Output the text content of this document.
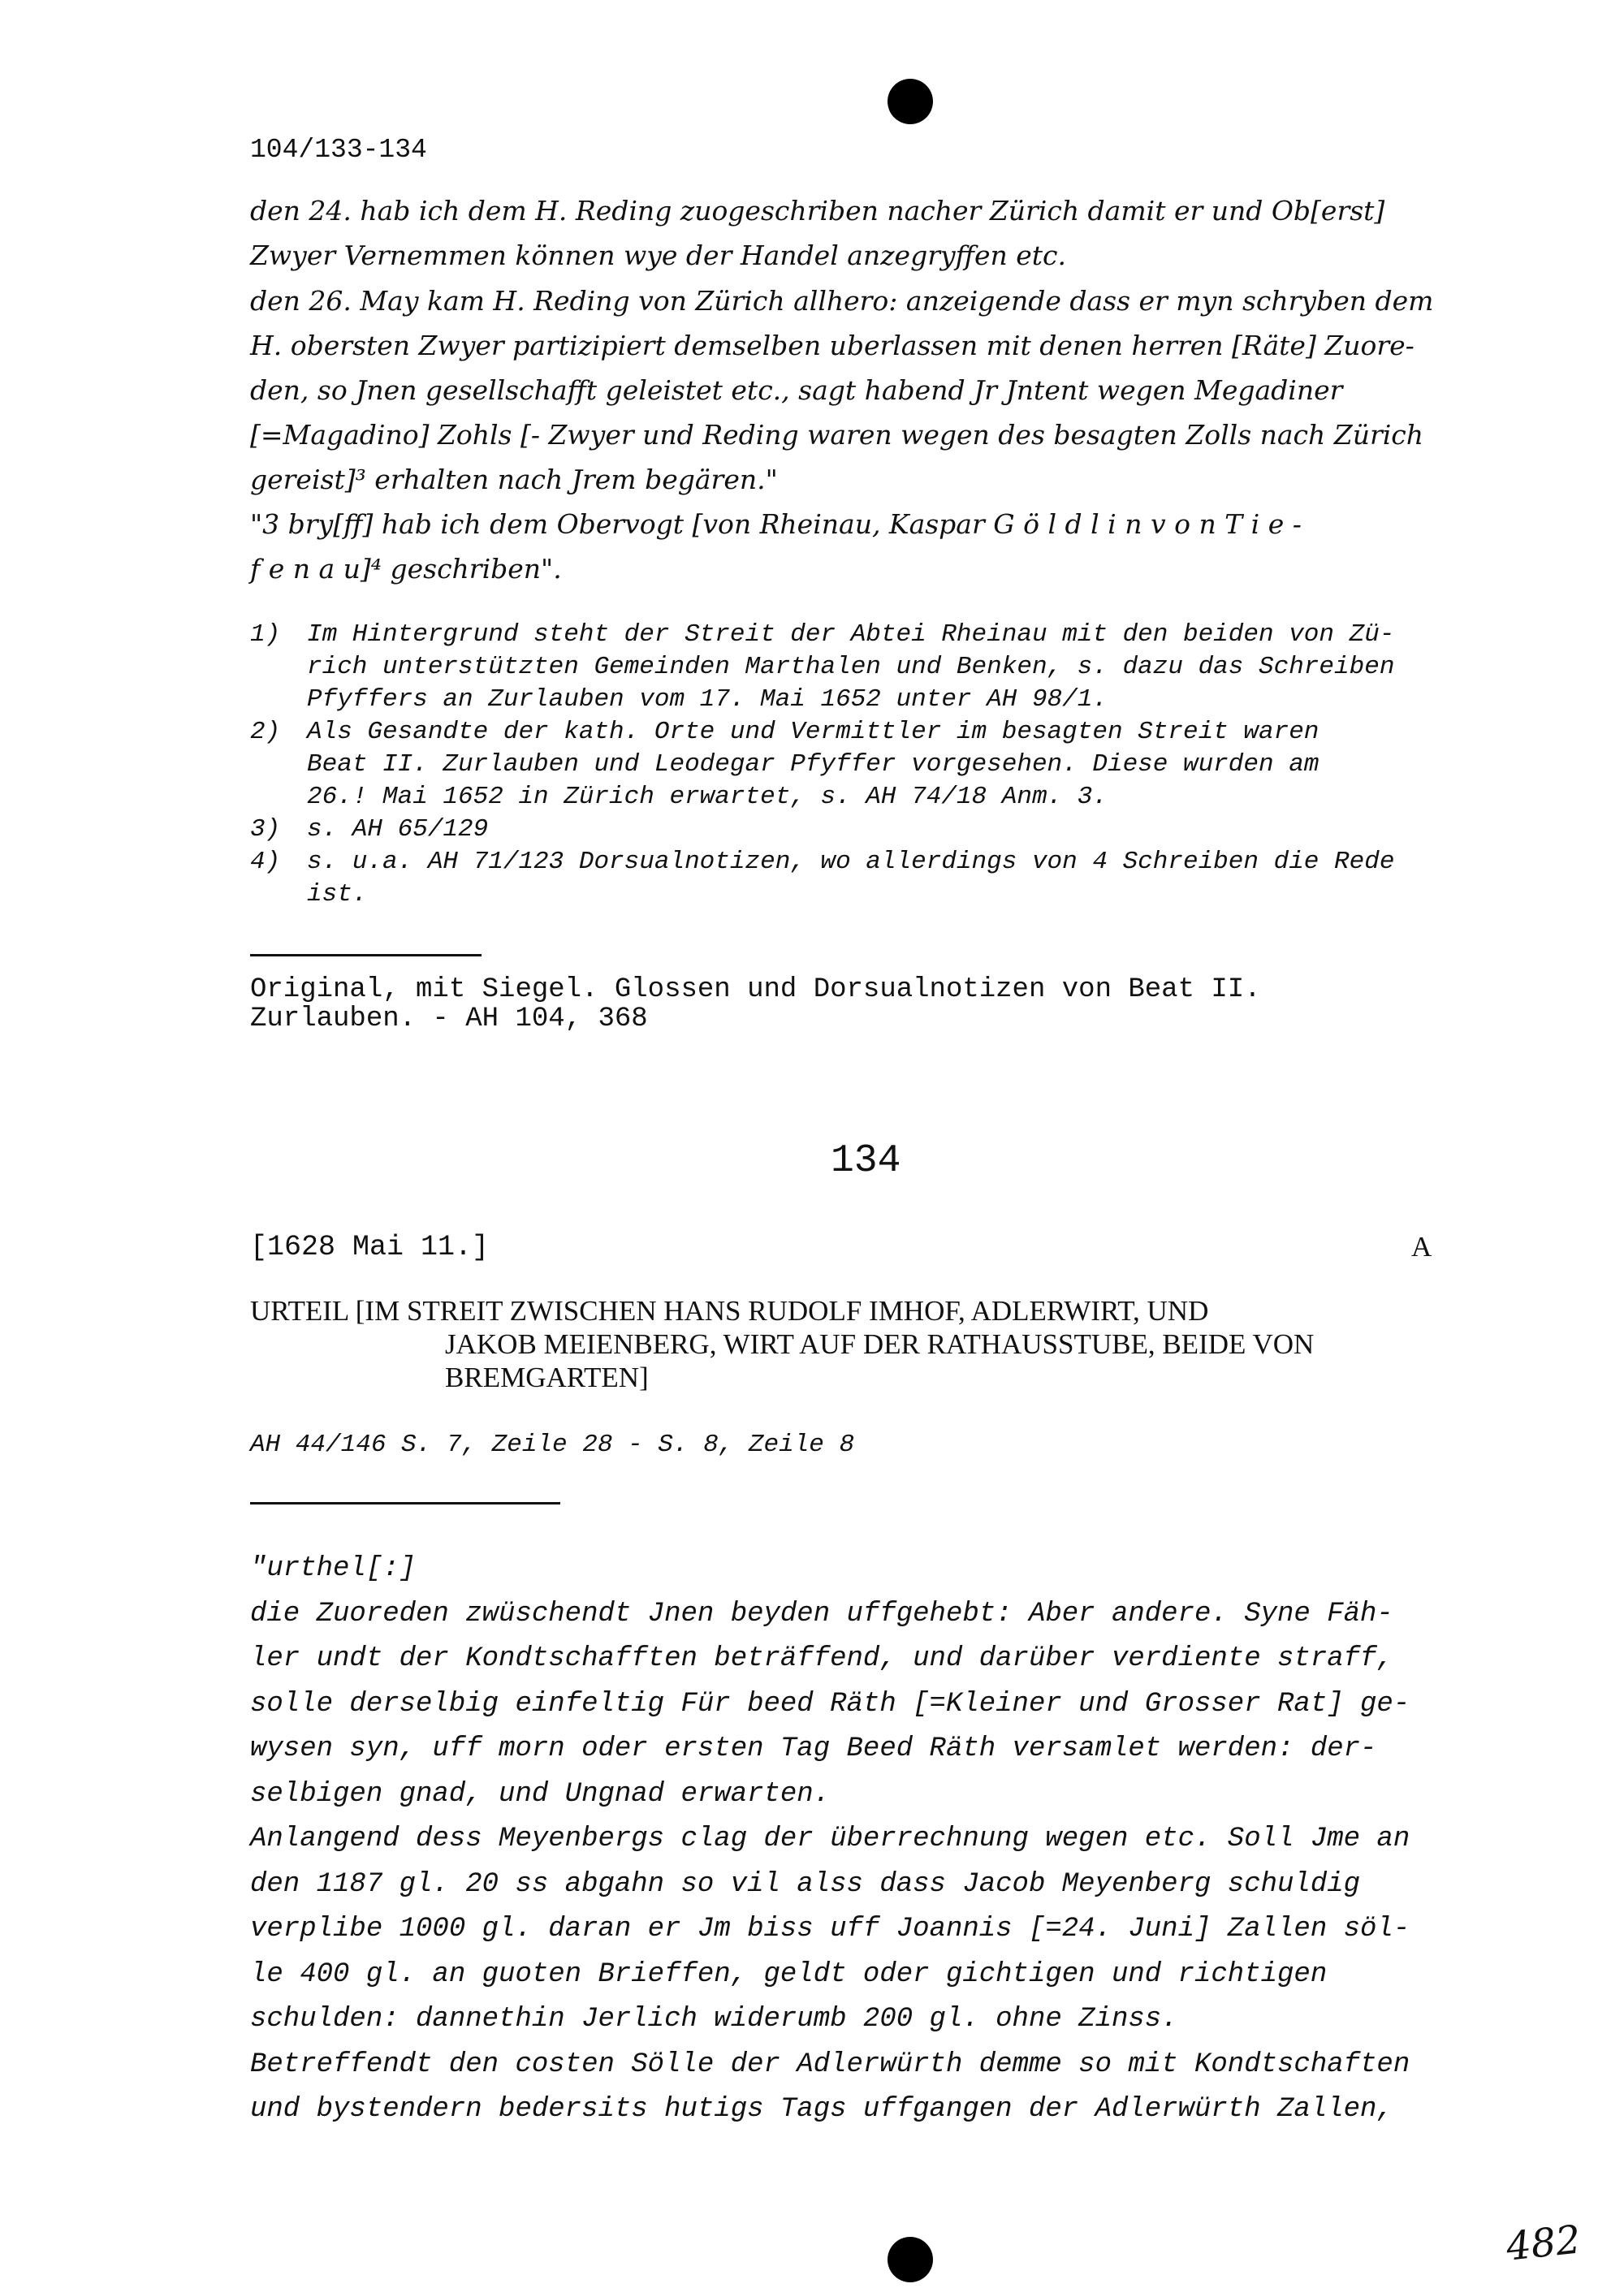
104/133-134
den 24. hab ich dem H. Reding zuogeschriben nacher Zürich damit er und Ob[erst]
Zwyer Vernemmen können wye der Handel anzegryffen etc.
den 26. May kam H. Reding von Zürich allhero: anzeigende dass er myn schryben dem
H. obersten Zwyer partizipiert demselben uberlassen mit denen herren [Räte] Zuore-
den, so Jnen gesellschafft geleistet etc., sagt habend Jr Jntent wegen Megadiner
[=Magadino] Zohls [- Zwyer und Reding waren wegen des besagten Zolls nach Zürich
gereist]³ erhalten nach Jrem begären."
"3 bry[ff] hab ich dem Obervogt [von Rheinau, Kaspar G ö l d l i n v o n T i e -
f e n a u]⁴ geschriben".
1) Im Hintergrund steht der Streit der Abtei Rheinau mit den beiden von Zü-
rich unterstützten Gemeinden Marthalen und Benken, s. dazu das Schreiben
Pfyffers an Zurlauben vom 17. Mai 1652 unter AH 98/1.
2) Als Gesandte der kath. Orte und Vermittler im besagten Streit waren
Beat II. Zurlauben und Leodegar Pfyffer vorgesehen. Diese wurden am
26.! Mai 1652 in Zürich erwartet, s. AH 74/18 Anm. 3.
3) s. AH 65/129
4) s. u.a. AH 71/123 Dorsualnotizen, wo allerdings von 4 Schreiben die Rede
ist.
Original, mit Siegel. Glossen und Dorsualnotizen von Beat II.
Zurlauben. - AH 104, 368
134
[1628 Mai 11.]	A
URTEIL [IM STREIT ZWISCHEN HANS RUDOLF IMHOF, ADLERWIRT, UND
JAKOB MEIENBERG, WIRT AUF DER RATHAUSSTUBE, BEIDE VON
BREMGARTEN]
AH 44/146 S. 7, Zeile 28 - S. 8, Zeile 8
"urthel[:]
die Zuoreden zwüschendt Jnen beyden uffgehebt: Aber andere. Syne Fäh-
ler undt der Kondtschafften beträffend, und darüber verdiente straff,
solle derselbig einfeltig Für beed Räth [=Kleiner und Grosser Rat] ge-
wysen syn, uff morn oder ersten Tag Beed Räth versamlet werden: der-
selbigen gnad, und Ungnad erwarten.
Anlangend dess Meyenbergs clag der überrechnung wegen etc. Soll Jme an
den 1187 gl. 20 ss abgahn so vil alss dass Jacob Meyenberg schuldig
verplibe 1000 gl. daran er Jm biss uff Joannis [=24. Juni] Zallen söl-
le 400 gl. an guoten Brieffen, geldt oder gichtigen und richtigen
schulden: dannethin Jerlich widerumb 200 gl. ohne Zinss.
Betreffendt den costen Sölle der Adlerwürth demme so mit Kondtschaften
und bystendern bedersits hutigs Tags uffgangen der Adlerwürth Zallen,
482
